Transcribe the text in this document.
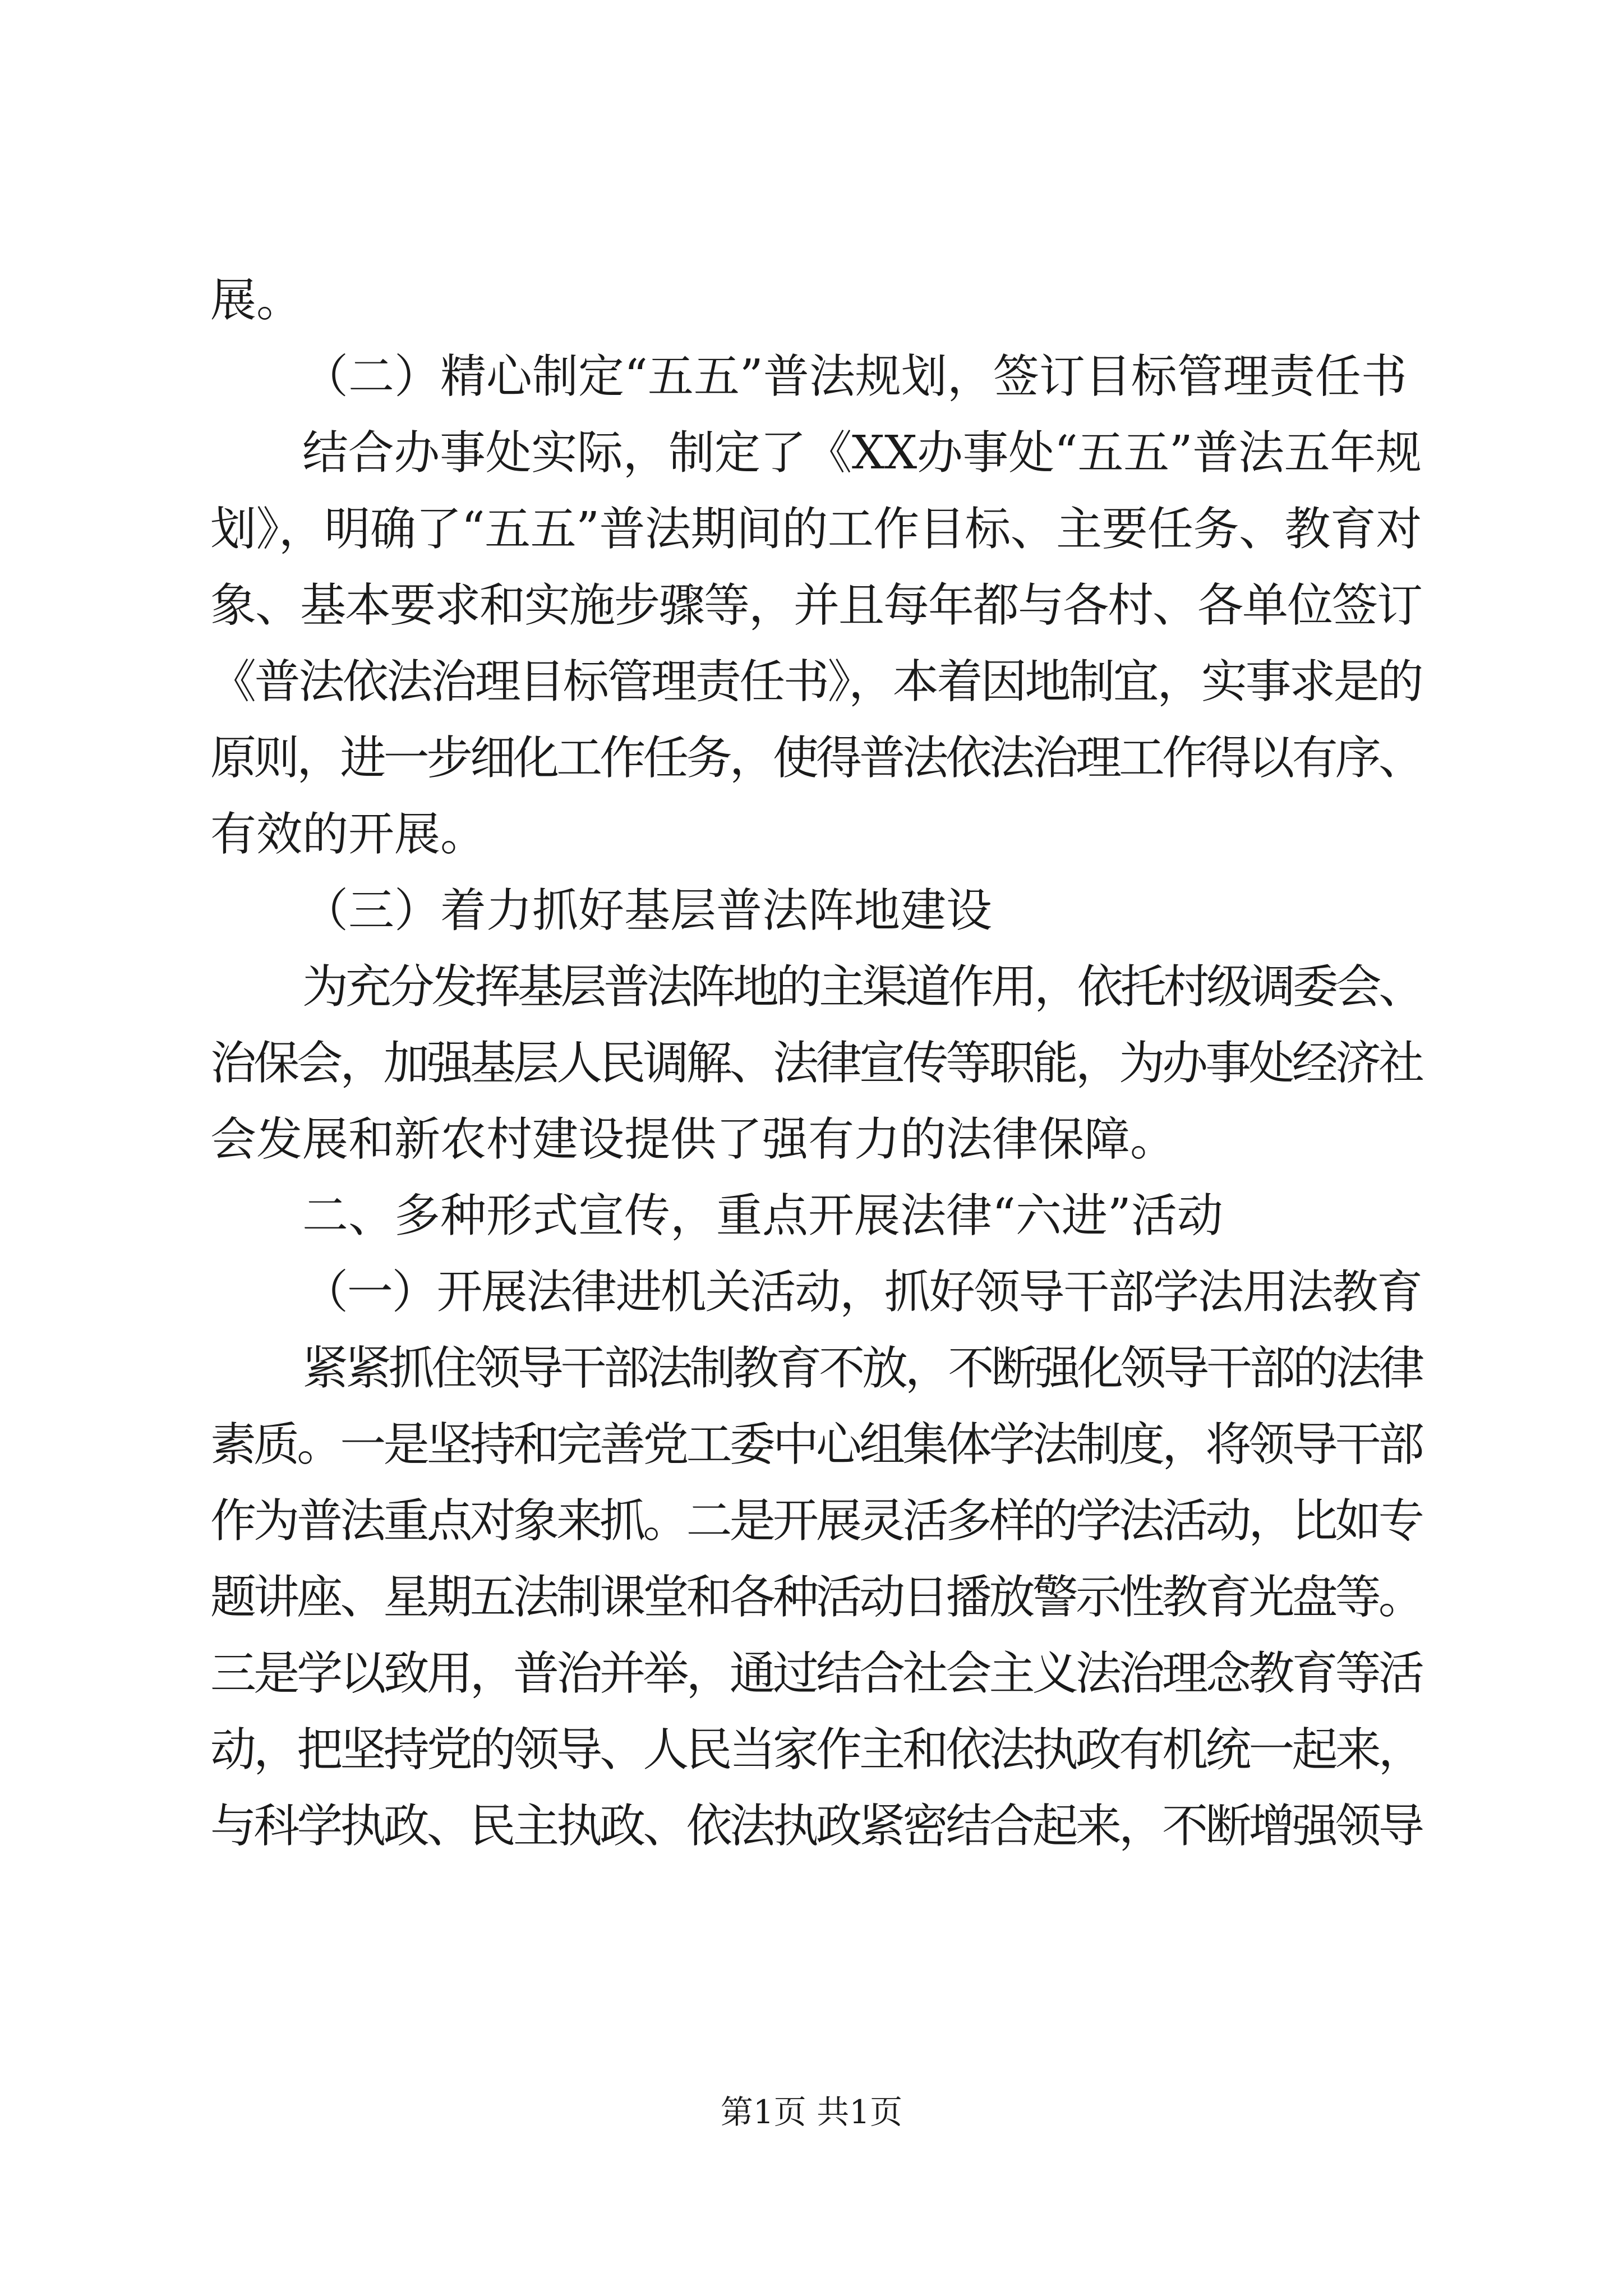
展。
（二）精心制定“五五”普法规划，签订目标管理责任书
结合办事处实际，制定了《XX办事处“五五”普法五年规
划》，明确了“五五”普法期间的工作目标、主要任务、教育对
象、基本要求和实施步骤等，并且每年都与各村、各单位签订
《普法依法治理目标管理责任书》，本着因地制宜，实事求是的
原则，进一步细化工作任务，使得普法依法治理工作得以有序、
有效的开展。
（三）着力抓好基层普法阵地建设
为充分发挥基层普法阵地的主渠道作用，依托村级调委会、
治保会，加强基层人民调解、法律宣传等职能，为办事处经济社
会发展和新农村建设提供了强有力的法律保障。
二、多种形式宣传，重点开展法律“六进”活动
（一）开展法律进机关活动，抓好领导干部学法用法教育
紧紧抓住领导干部法制教育不放，不断强化领导干部的法律
素质。一是坚持和完善党工委中心组集体学法制度，将领导干部
作为普法重点对象来抓。二是开展灵活多样的学法活动，比如专
题讲座、星期五法制课堂和各种活动日播放警示性教育光盘等。
三是学以致用，普治并举，通过结合社会主义法治理念教育等活
动，把坚持党的领导、人民当家作主和依法执政有机统一起来，
与科学执政、民主执政、依法执政紧密结合起来，不断增强领导
第1页 共1页
